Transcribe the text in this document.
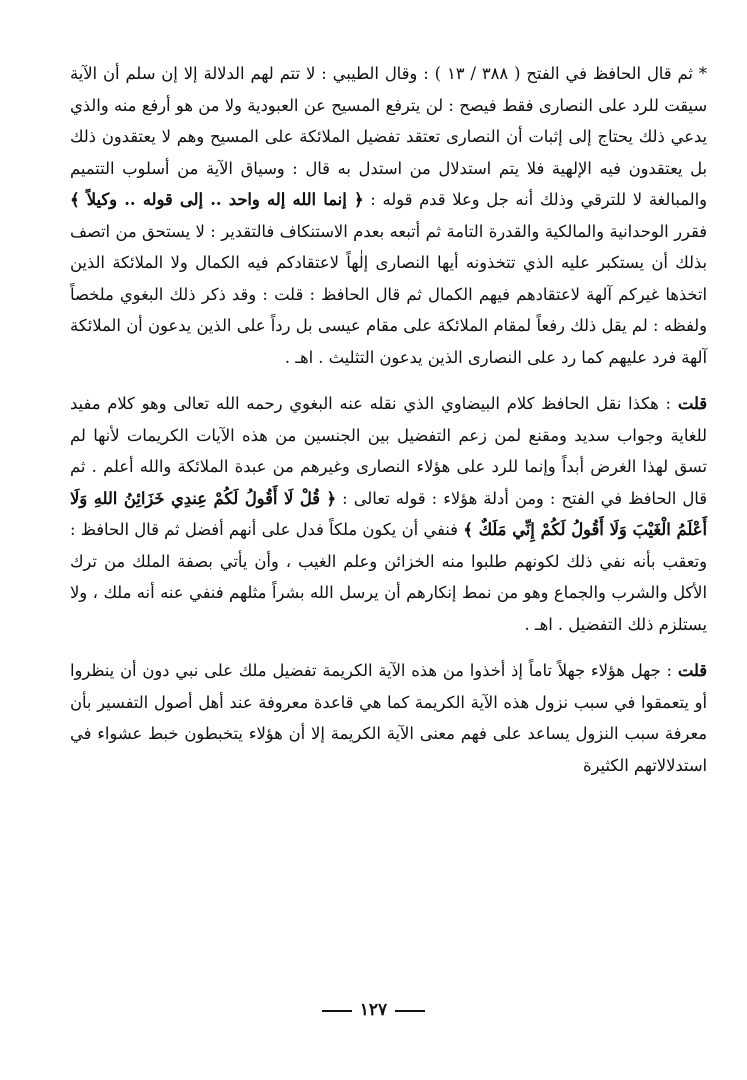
* ثم قال الحافظ في الفتح ( ٣٨٨ / ١٣ ) : وقال الطيبي : لا تتم لهم الدلالة إلا إن سلم أن الآية سيقت للرد على النصارى فقط فيصح : لن يترفع المسيح عن العبودية ولا من هو أرفع منه والذي يدعي ذلك يحتاج إلى إثبات أن النصارى تعتقد تفضيل الملائكة على المسيح وهم لا يعتقدون ذلك بل يعتقدون فيه الإلهية فلا يتم استدلال من استدل به قال : وسياق الآية من أسلوب التتميم والمبالغة لا للترقي وذلك أنه جل وعلا قدم قوله : ﴿ إنما الله إله واحد .. إلى قوله .. وكيلاً ﴾ فقرر الوحدانية والمالكية والقدرة التامة ثم أتبعه بعدم الاستنكاف فالتقدير : لا يستحق من اتصف بذلك أن يستكبر عليه الذي تتخذونه أيها النصارى إلٰهاً لاعتقادكم فيه الكمال ولا الملائكة الذين اتخذها غيركم آلهة لاعتقادهم فيهم الكمال ثم قال الحافظ : قلت : وقد ذكر ذلك البغوي ملخصاً ولفظه : لم يقل ذلك رفعاً لمقام الملائكة على مقام عيسى بل رداً على الذين يدعون أن الملائكة آلهة فرد عليهم كما رد على النصارى الذين يدعون التثليث . اهـ .

قلت : هكذا نقل الحافظ كلام البيضاوي الذي نقله عنه البغوي رحمه الله تعالى وهو كلام مفيد للغاية وجواب سديد ومقنع لمن زعم التفضيل بين الجنسين من هذه الآيات الكريمات لأنها لم تسق لهذا الغرض أبداً وإنما للرد على هؤلاء النصارى وغيرهم من عبدة الملائكة والله أعلم . ثم قال الحافظ في الفتح : ومن أدلة هؤلاء : قوله تعالى : ﴿ قُلْ لَا أَقُولُ لَكُمْ عِندِي خَزَائِنُ اللهِ وَلَا أَعْلَمُ الْغَيْبَ وَلَا أَقُولُ لَكُمْ إِنِّي مَلَكٌ ﴾ فنفي أن يكون ملكاً فدل على أنهم أفضل ثم قال الحافظ : وتعقب بأنه نفي ذلك لكونهم طلبوا منه الخزائن وعلم الغيب ، وأن يأتي بصفة الملك من ترك الأكل والشرب والجماع وهو من نمط إنكارهم أن يرسل الله بشراً مثلهم فنفي عنه أنه ملك ، ولا يستلزم ذلك التفضيل . اهـ .

قلت : جهل هؤلاء جهلاً تاماً إذ أخذوا من هذه الآية الكريمة تفضيل ملك على نبي دون أن ينظروا أو يتعمقوا في سبب نزول هذه الآية الكريمة كما هي قاعدة معروفة عند أهل أصول التفسير بأن معرفة سبب النزول يساعد على فهم معنى الآية الكريمة إلا أن هؤلاء يتخبطون خبط عشواء في استدلالاتهم الكثيرة

١٢٧
